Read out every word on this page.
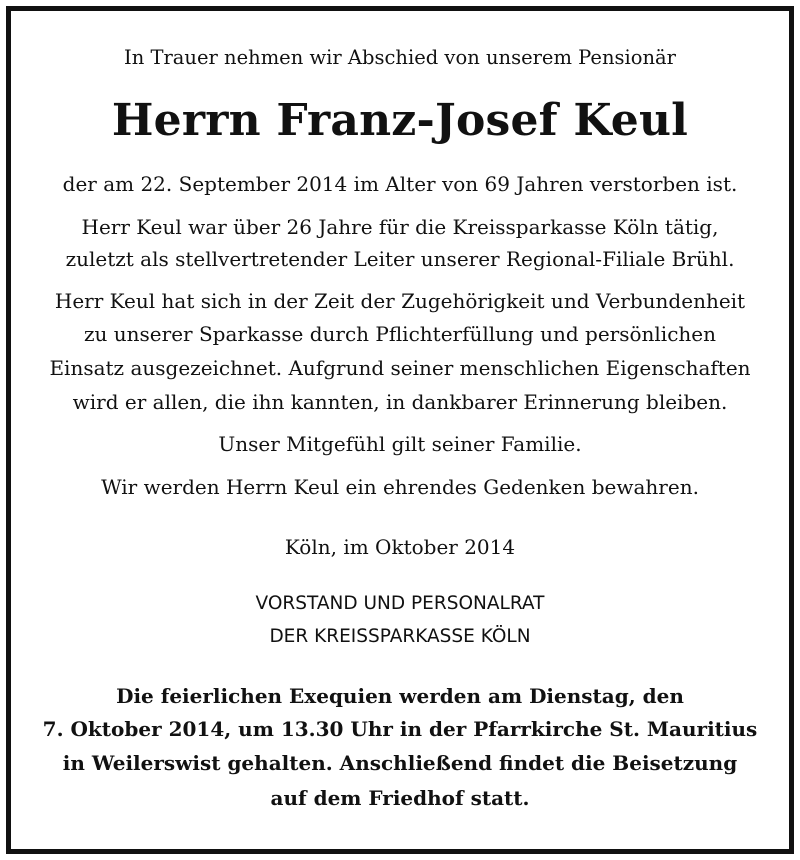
In Trauer nehmen wir Abschied von unserem Pensionär
Herrn Franz-Josef Keul
der am 22. September 2014 im Alter von 69 Jahren verstorben ist.
Herr Keul war über 26 Jahre für die Kreissparkasse Köln tätig,
zuletzt als stellvertretender Leiter unserer Regional-Filiale Brühl.
Herr Keul hat sich in der Zeit der Zugehörigkeit und Verbundenheit
zu unserer Sparkasse durch Pflichterfüllung und persönlichen
Einsatz ausgezeichnet. Aufgrund seiner menschlichen Eigenschaften
wird er allen, die ihn kannten, in dankbarer Erinnerung bleiben.
Unser Mitgefühl gilt seiner Familie.
Wir werden Herrn Keul ein ehrendes Gedenken bewahren.
Köln, im Oktober 2014
VORSTAND UND PERSONALRAT
DER KREISSPARKASSE KÖLN
Die feierlichen Exequien werden am Dienstag, den
7. Oktober 2014, um 13.30 Uhr in der Pfarrkirche St. Mauritius
in Weilerswist gehalten. Anschließend findet die Beisetzung
auf dem Friedhof statt.
